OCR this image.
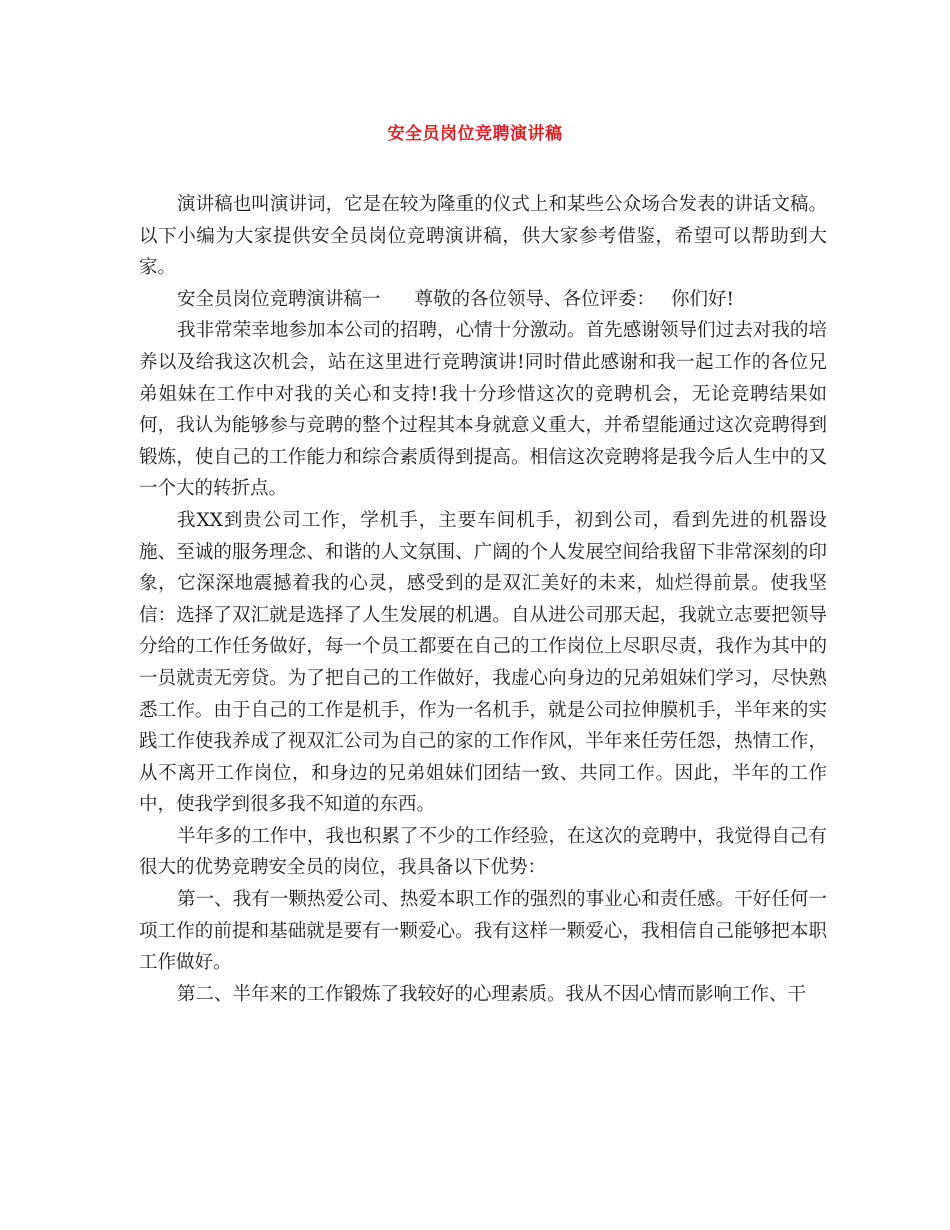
安全员岗位竞聘演讲稿

演讲稿也叫演讲词，它是在较为隆重的仪式上和某些公众场合发表的讲话文稿。以下小编为大家提供安全员岗位竞聘演讲稿，供大家参考借鉴，希望可以帮助到大家。

安全员岗位竞聘演讲稿一 尊敬的各位领导、各位评委： 你们好!

我非常荣幸地参加本公司的招聘，心情十分激动。首先感谢领导们过去对我的培养以及给我这次机会，站在这里进行竞聘演讲!同时借此感谢和我一起工作的各位兄弟姐妹在工作中对我的关心和支持!我十分珍惜这次的竞聘机会，无论竞聘结果如何，我认为能够参与竞聘的整个过程其本身就意义重大，并希望能通过这次竞聘得到锻炼，使自己的工作能力和综合素质得到提高。相信这次竞聘将是我今后人生中的又一个大的转折点。

我XX到贵公司工作，学机手，主要车间机手，初到公司，看到先进的机器设施、至诚的服务理念、和谐的人文氛围、广阔的个人发展空间给我留下非常深刻的印象，它深深地震撼着我的心灵，感受到的是双汇美好的未来，灿烂得前景。使我坚信：选择了双汇就是选择了人生发展的机遇。自从进公司那天起，我就立志要把领导分给的工作任务做好，每一个员工都要在自己的工作岗位上尽职尽责，我作为其中的一员就责无旁贷。为了把自己的工作做好，我虚心向身边的兄弟姐妹们学习，尽快熟悉工作。由于自己的工作是机手，作为一名机手，就是公司拉伸膜机手，半年来的实践工作使我养成了视双汇公司为自己的家的工作作风，半年来任劳任怨，热情工作，从不离开工作岗位，和身边的兄弟姐妹们团结一致、共同工作。因此，半年的工作中，使我学到很多我不知道的东西。

半年多的工作中，我也积累了不少的工作经验，在这次的竞聘中，我觉得自己有很大的优势竞聘安全员的岗位，我具备以下优势：

第一、我有一颗热爱公司、热爱本职工作的强烈的事业心和责任感。干好任何一项工作的前提和基础就是要有一颗爱心。我有这样一颗爱心，我相信自己能够把本职工作做好。

第二、半年来的工作锻炼了我较好的心理素质。我从不因心情而影响工作、干
